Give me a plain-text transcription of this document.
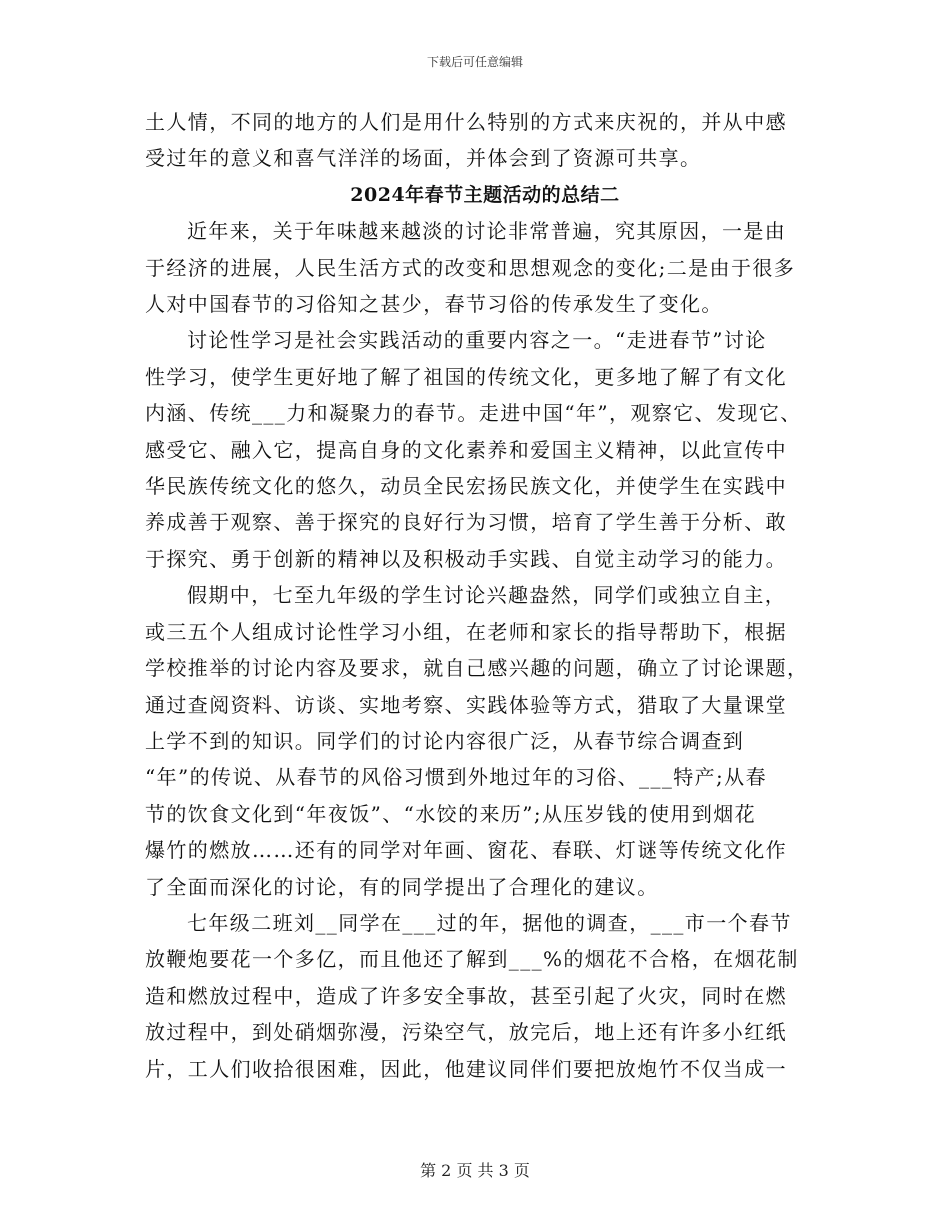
下载后可任意编辑
土人情，不同的地方的人们是用什么特别的方式来庆祝的，并从中感
受过年的意义和喜气洋洋的场面，并体会到了资源可共享。
2024年春节主题活动的总结二
近年来，关于年味越来越淡的讨论非常普遍，究其原因，一是由
于经济的进展，人民生活方式的改变和思想观念的变化;二是由于很多
人对中国春节的习俗知之甚少，春节习俗的传承发生了变化。
讨论性学习是社会实践活动的重要内容之一。“走进春节”讨论
性学习，使学生更好地了解了祖国的传统文化，更多地了解了有文化
内涵、传统___力和凝聚力的春节。走进中国“年”，观察它、发现它、
感受它、融入它，提高自身的文化素养和爱国主义精神，以此宣传中
华民族传统文化的悠久，动员全民宏扬民族文化，并使学生在实践中
养成善于观察、善于探究的良好行为习惯，培育了学生善于分析、敢
于探究、勇于创新的精神以及积极动手实践、自觉主动学习的能力。
假期中，七至九年级的学生讨论兴趣盎然，同学们或独立自主，
或三五个人组成讨论性学习小组，在老师和家长的指导帮助下，根据
学校推举的讨论内容及要求，就自己感兴趣的问题，确立了讨论课题，
通过查阅资料、访谈、实地考察、实践体验等方式，猎取了大量课堂
上学不到的知识。同学们的讨论内容很广泛，从春节综合调查到
“年”的传说、从春节的风俗习惯到外地过年的习俗、___特产;从春
节的饮食文化到“年夜饭”、“水饺的来历”;从压岁钱的使用到烟花
爆竹的燃放……还有的同学对年画、窗花、春联、灯谜等传统文化作
了全面而深化的讨论，有的同学提出了合理化的建议。
七年级二班刘__同学在___过的年，据他的调查，___市一个春节
放鞭炮要花一个多亿，而且他还了解到___%的烟花不合格，在烟花制
造和燃放过程中，造成了许多安全事故，甚至引起了火灾，同时在燃
放过程中，到处硝烟弥漫，污染空气，放完后，地上还有许多小红纸
片，工人们收拾很困难，因此，他建议同伴们要把放炮竹不仅当成一
第 2 页 共 3 页
